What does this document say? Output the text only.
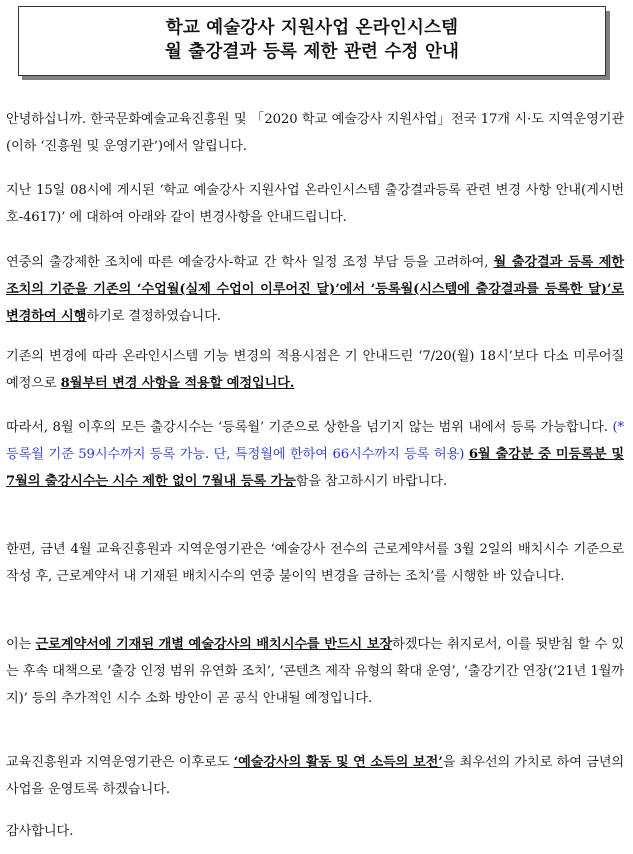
학교 예술강사 지원사업 온라인시스템
월 출강결과 등록 제한 관련 수정 안내
안녕하십니까. 한국문화예술교육진흥원 및 「2020 학교 예술강사 지원사업」전국 17개 시·도 지역운영기관(이하 ‘진흥원 및 운영기관’)에서 알립니다.
지난 15일 08시에 게시된 ‘학교 예술강사 지원사업 온라인시스템 출강결과등록 관련 변경 사항 안내(게시번호-4617)’ 에 대하여 아래와 같이 변경사항을 안내드립니다.
연중의 출강제한 조치에 따른 예술강사-학교 간 학사 일정 조정 부담 등을 고려하여, 월 출강결과 등록 제한 조치의 기준을 기존의 ‘수업월(실제 수업이 이루어진 달)’에서 ‘등록월(시스템에 출강결과를 등록한 달)’로 변경하여 시행하기로 결정하였습니다.
기존의 변경에 따라 온라인시스템 기능 변경의 적용시점은 기 안내드린 ‘7/20(월) 18시’보다 다소 미루어질 예정으로 8월부터 변경 사항을 적용할 예정입니다.
따라서, 8월 이후의 모든 출강시수는 ‘등록월’ 기준으로 상한을 넘기지 않는 범위 내에서 등록 가능합니다. (*등록월 기준 59시수까지 등록 가능. 단, 특정월에 한하여 66시수까지 등록 허용) 6월 출강분 중 미등록분 및 7월의 출강시수는 시수 제한 없이 7월내 등록 가능함을 참고하시기 바랍니다.
한편, 금년 4월 교육진흥원과 지역운영기관은 ‘예술강사 전수의 근로계약서를 3월 2일의 배치시수 기준으로 작성 후, 근로계약서 내 기재된 배치시수의 연중 불이익 변경을 금하는 조치’를 시행한 바 있습니다.
이는 근로계약서에 기재된 개별 예술강사의 배치시수를 반드시 보장하겠다는 취지로서, 이를 뒷받침 할 수 있는 후속 대책으로 ‘출강 인정 범위 유연화 조치’, ‘콘텐츠 제작 유형의 확대 운영’, ‘출강기간 연장(’21년 1월까지)’ 등의 추가적인 시수 소화 방안이 곧 공식 안내될 예정입니다.
교육진흥원과 지역운영기관은 이후로도 ‘예술강사의 활동 및 연 소득의 보전’을 최우선의 가치로 하여 금년의 사업을 운영토록 하겠습니다.
감사합니다.
